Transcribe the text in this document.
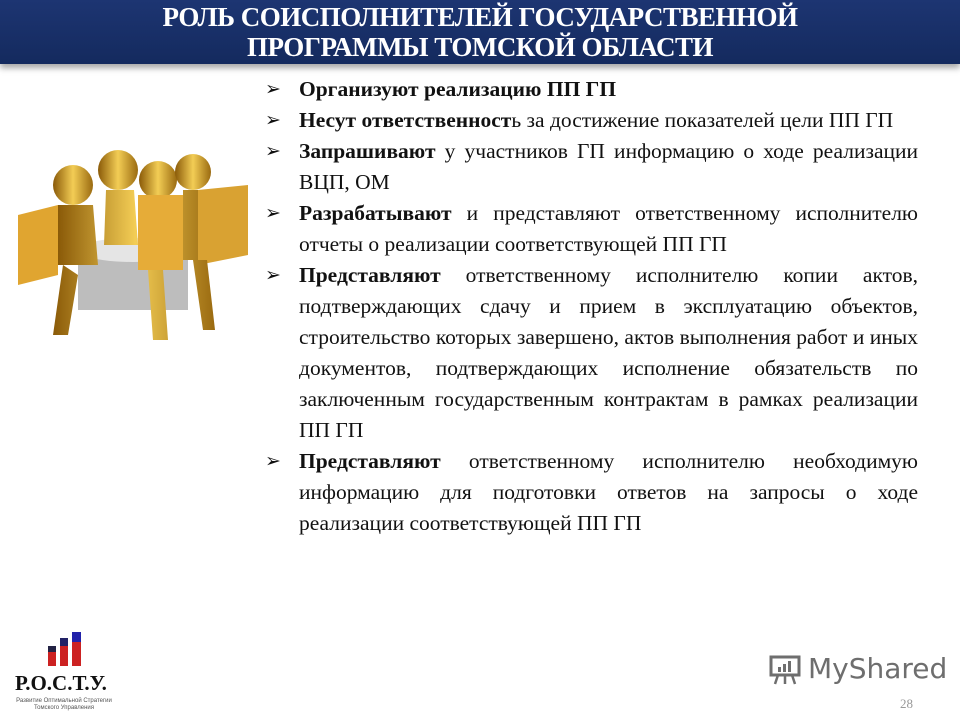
РОЛЬ СОИСПОЛНИТЕЛЕЙ ГОСУДАРСТВЕННОЙ
ПРОГРАММЫ ТОМСКОЙ ОБЛАСТИ
➢ Организуют реализацию ПП ГП
➢ Несут ответственность за достижение показателей цели ПП ГП
➢ Запрашивают у участников ГП информацию о ходе реализации ВЦП, ОМ
➢ Разрабатывают и представляют ответственному исполнителю отчеты о реализации соответствующей ПП ГП
➢ Представляют ответственному исполнителю копии актов, подтверждающих сдачу и прием в эксплуатацию объектов, строительство которых завершено, актов выполнения работ и иных документов, подтверждающих исполнение обязательств по заключенным государственным контрактам в рамках реализации ПП ГП
➢ Представляют ответственному исполнителю необходимую информацию для подготовки ответов на запросы о ходе реализации соответствующей ПП ГП
Р.О.С.Т.У.
Развитие Оптимальной Стратегии Томского Управления
MyShared
28
